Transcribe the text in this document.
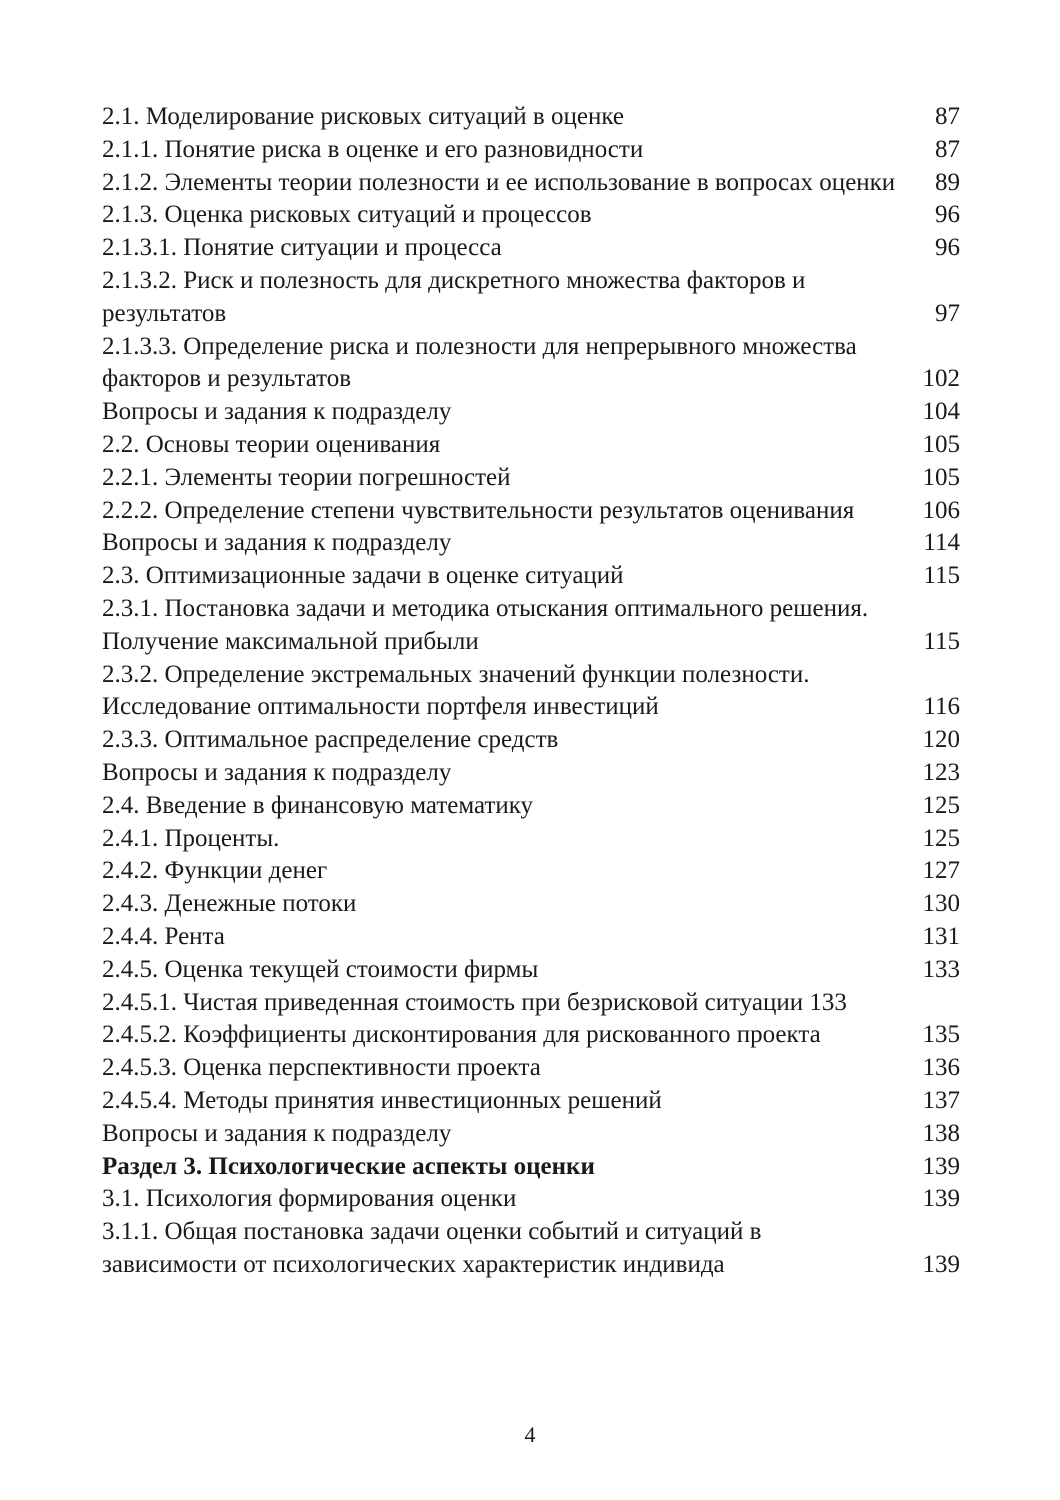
2.1. Моделирование рисковых ситуаций в оценке	87
2.1.1. Понятие риска в оценке и его разновидности	87
2.1.2. Элементы теории полезности и ее использование в вопросах оценки 89
2.1.3. Оценка рисковых ситуаций и процессов	96
2.1.3.1. Понятие ситуации и процесса	96
2.1.3.2. Риск и полезность для дискретного множества факторов и результатов	97
2.1.3.3. Определение риска и полезности для непрерывного множества факторов и результатов	102
Вопросы и задания к подразделу	104
2.2. Основы теории оценивания	105
2.2.1. Элементы теории погрешностей	105
2.2.2. Определение степени чувствительности результатов оценивания	106
Вопросы и задания к подразделу	114
2.3. Оптимизационные задачи в оценке ситуаций	115
2.3.1. Постановка задачи и методика отыскания оптимального решения. Получение максимальной прибыли	115
2.3.2. Определение экстремальных значений функции полезности. Исследование оптимальности портфеля инвестиций	116
2.3.3. Оптимальное распределение средств	120
Вопросы и задания к подразделу	123
2.4. Введение в финансовую математику	125
2.4.1. Проценты.	125
2.4.2. Функции денег	127
2.4.3. Денежные потоки	130
2.4.4. Рента	131
2.4.5. Оценка текущей стоимости фирмы	133
2.4.5.1. Чистая приведенная стоимость при безрисковой ситуации 133
2.4.5.2. Коэффициенты дисконтирования для рискованного проекта	135
2.4.5.3. Оценка перспективности проекта	136
2.4.5.4. Методы принятия инвестиционных решений	137
Вопросы и задания к подразделу	138
Раздел 3. Психологические аспекты оценки	139
3.1. Психология формирования оценки	139
3.1.1. Общая постановка задачи оценки событий и ситуаций в зависимости от психологических характеристик индивида	139
4
